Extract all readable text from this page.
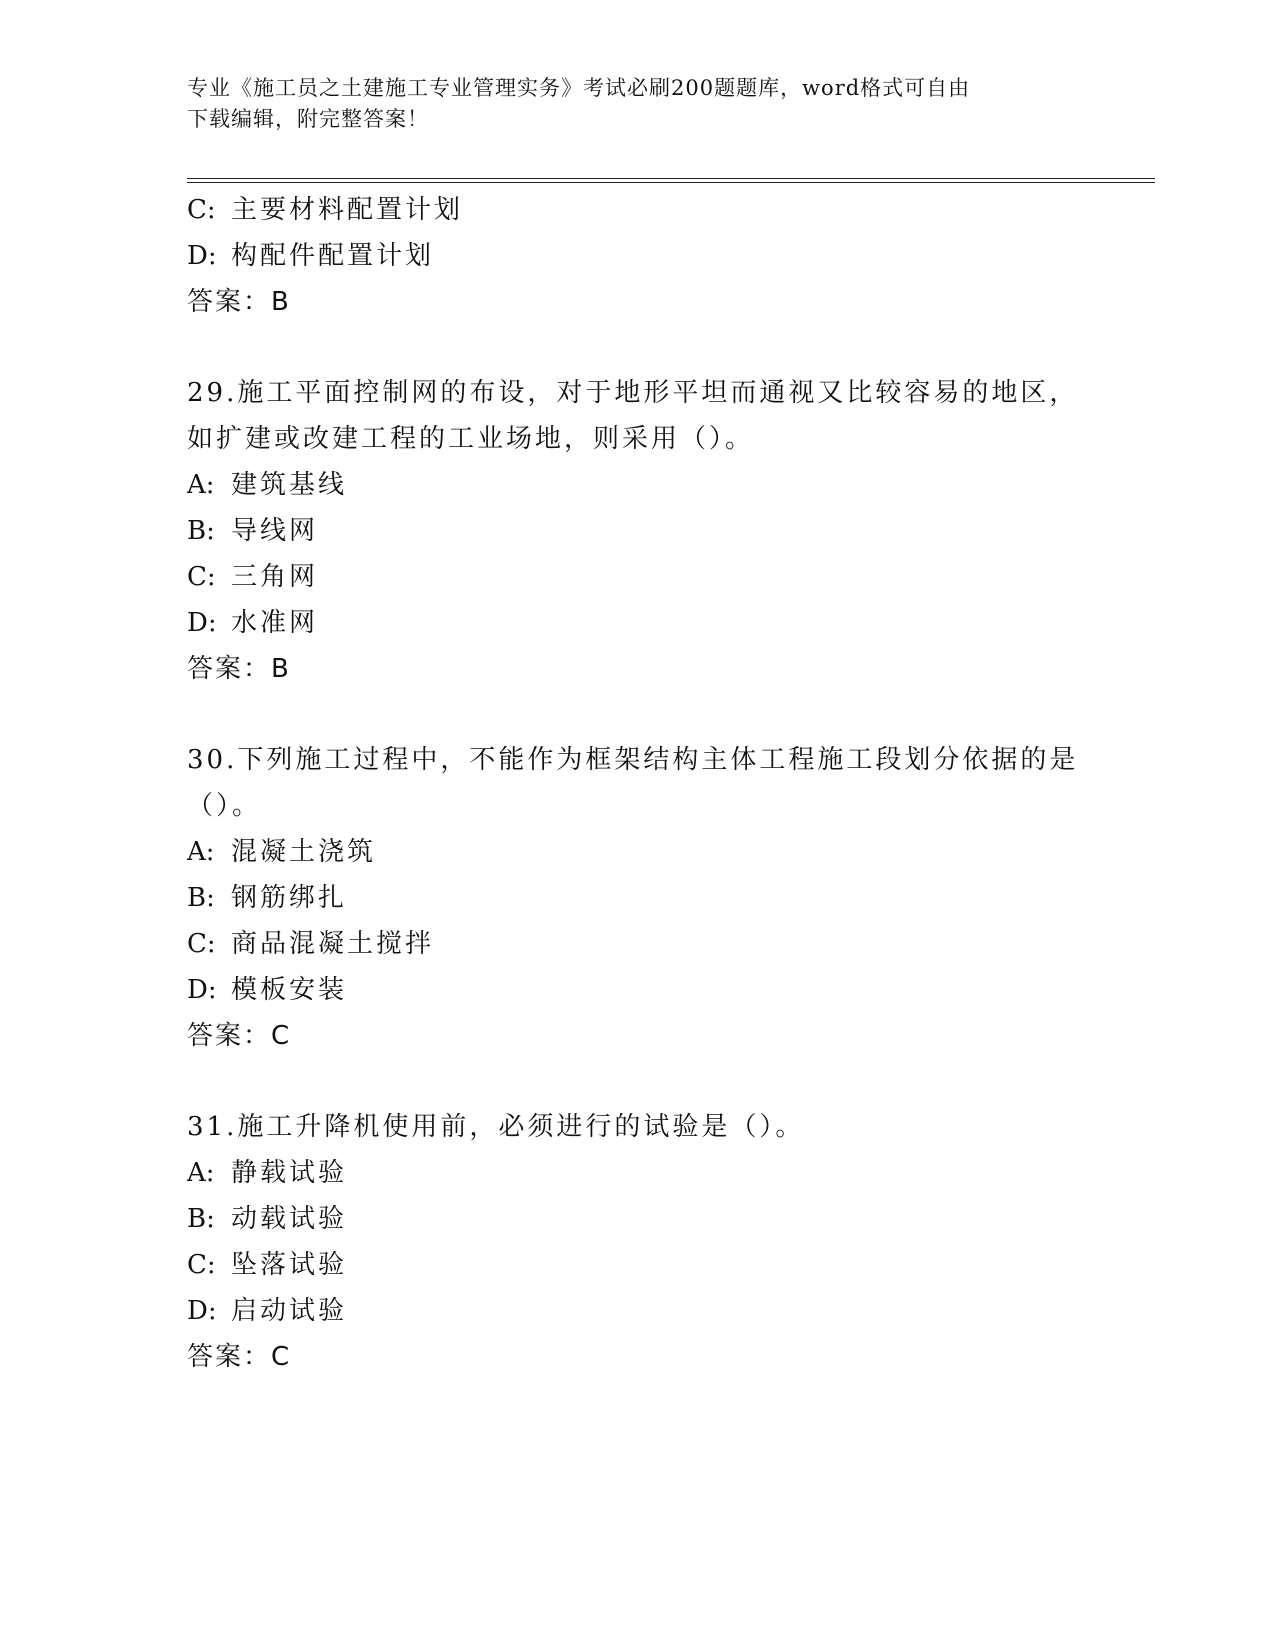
专业《施工员之土建施工专业管理实务》考试必刷200题题库，word格式可自由
下载编辑，附完整答案！
C: 主要材料配置计划
D: 构配件配置计划
答案：B
29.施工平面控制网的布设，对于地形平坦而通视又比较容易的地区，
如扩建或改建工程的工业场地，则采用（）。
A: 建筑基线
B: 导线网
C: 三角网
D: 水准网
答案：B
30.下列施工过程中，不能作为框架结构主体工程施工段划分依据的是
（）。
A: 混凝土浇筑
B: 钢筋绑扎
C: 商品混凝土搅拌
D: 模板安装
答案：C
31.施工升降机使用前，必须进行的试验是（）。
A: 静载试验
B: 动载试验
C: 坠落试验
D: 启动试验
答案：C
